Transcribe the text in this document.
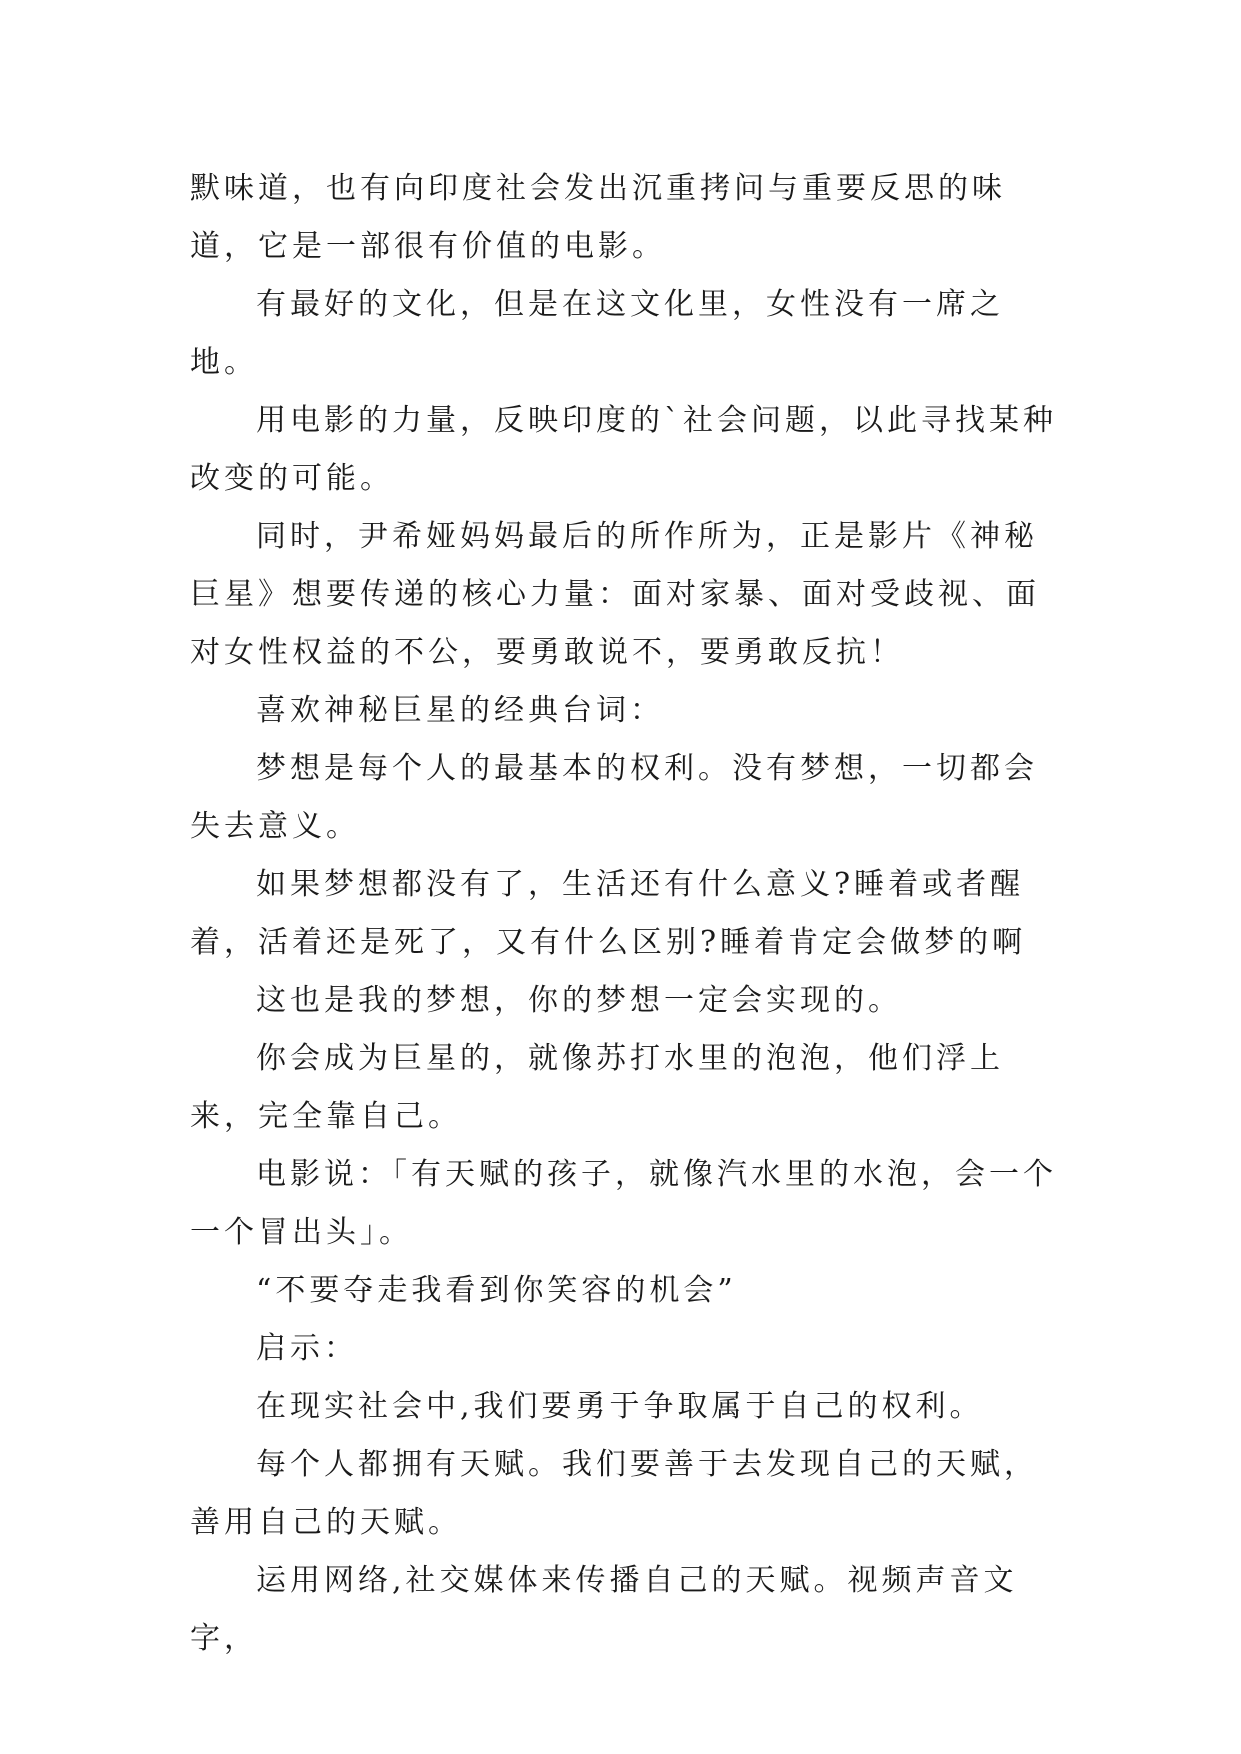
默味道，也有向印度社会发出沉重拷问与重要反思的味道，它是一部很有价值的电影。

有最好的文化，但是在这文化里，女性没有一席之地。

用电影的力量，反映印度的`社会问题，以此寻找某种改变的可能。

同时，尹希娅妈妈最后的所作所为，正是影片《神秘巨星》想要传递的核心力量：面对家暴、面对受歧视、面对女性权益的不公，要勇敢说不，要勇敢反抗！

喜欢神秘巨星的经典台词：

梦想是每个人的最基本的权利。没有梦想，一切都会失去意义。

如果梦想都没有了，生活还有什么意义?睡着或者醒着，活着还是死了，又有什么区别?睡着肯定会做梦的啊

这也是我的梦想，你的梦想一定会实现的。

你会成为巨星的，就像苏打水里的泡泡，他们浮上来，完全靠自己。

电影说：「有天赋的孩子，就像汽水里的水泡，会一个一个冒出头」。

“不要夺走我看到你笑容的机会”

启示：

在现实社会中,我们要勇于争取属于自己的权利。

每个人都拥有天赋。我们要善于去发现自己的天赋，善用自己的天赋。

运用网络,社交媒体来传播自己的天赋。视频声音文字，
